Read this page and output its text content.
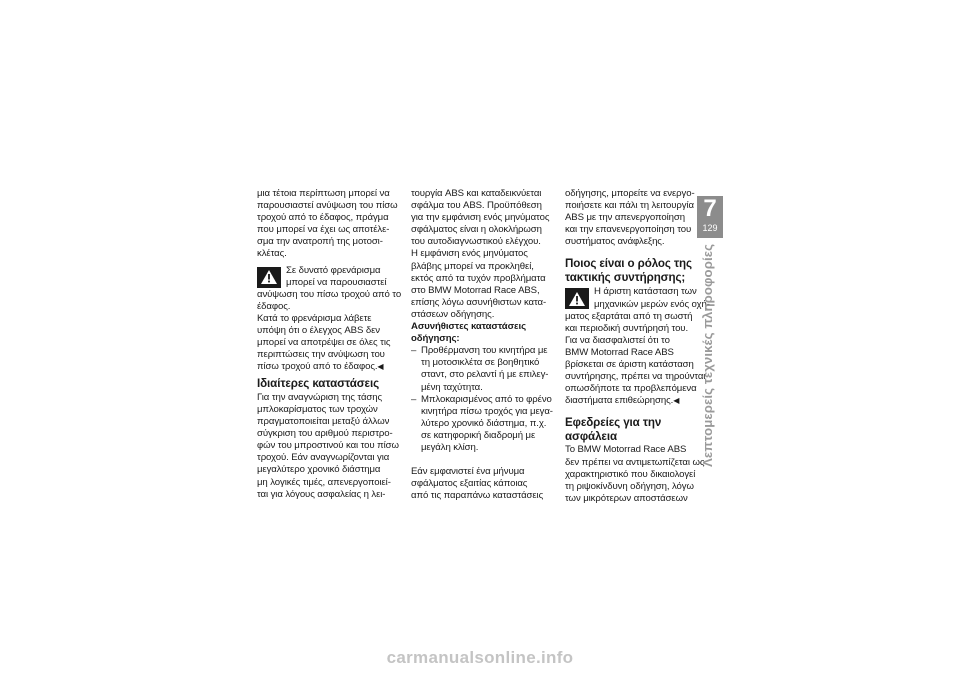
μια τέτοια περίπτωση μπορεί να
παρουσιαστεί ανύψωση του πίσω
τροχού από το έδαφος, πράγμα
που μπορεί να έχει ως αποτέλε-
σμα την ανατροπή της μοτοσι-
κλέτας.

Σε δυνατό φρενάρισμα
μπορεί να παρουσιαστεί
ανύψωση του πίσω τροχού από το
έδαφος.

Κατά το φρενάρισμα λάβετε
υπόψη ότι ο έλεγχος ABS δεν
μπορεί να αποτρέψει σε όλες τις
περιπτώσεις την ανύψωση του
πίσω τροχού από το έδαφος.◀

Ιδιαίτερες καταστάσεις

Για την αναγνώριση της τάσης
μπλοκαρίσματος των τροχών
πραγματοποιείται μεταξύ άλλων
σύγκριση του αριθμού περιστρο-
φών του μπροστινού και του πίσω
τροχού. Εάν αναγνωρίζονται για
μεγαλύτερο χρονικό διάστημα
μη λογικές τιμές, απενεργοποιεί-
ται για λόγους ασφαλείας η λει-

τουργία ABS και καταδεικνύεται
σφάλμα του ABS. Προϋπόθεση
για την εμφάνιση ενός μηνύματος
σφάλματος είναι η ολοκλήρωση
του αυτοδιαγνωστικού ελέγχου.

Η εμφάνιση ενός μηνύματος
βλάβης μπορεί να προκληθεί,
εκτός από τα τυχόν προβλήματα
στο BMW Motorrad Race ABS,
επίσης λόγω ασυνήθιστων κατα-
στάσεων οδήγησης.

Ασυνήθιστες καταστάσεις
οδήγησης:
– Προθέρμανση του κινητήρα με
τη μοτοσικλέτα σε βοηθητικό
σταντ, στο ρελαντί ή με επιλεγ-
μένη ταχύτητα.
– Μπλοκαρισμένος από το φρένο
κινητήρα πίσω τροχός για μεγα-
λύτερο χρονικό διάστημα, π.χ.
σε κατηφορική διαδρομή με
μεγάλη κλίση.

Εάν εμφανιστεί ένα μήνυμα
σφάλματος εξαιτίας κάποιας
από τις παραπάνω καταστάσεις

οδήγησης, μπορείτε να ενεργο-
ποιήσετε και πάλι τη λειτουργία
ABS με την απενεργοποίηση
και την επανενεργοποίηση του
συστήματος ανάφλεξης.

Ποιος είναι ο ρόλος της
τακτικής συντήρησης;

Η άριστη κατάσταση των
μηχανικών μερών ενός οχή-
ματος εξαρτάται από τη σωστή
και περιοδική συντήρησή του.

Για να διασφαλιστεί ότι το
BMW Motorrad Race ABS
βρίσκεται σε άριστη κατάσταση
συντήρησης, πρέπει να τηρούνται
οπωσδήποτε τα προβλεπόμενα
διαστήματα επιθεώρησης.◀

Εφεδρείες για την
ασφάλεια

Το BMW Motorrad Race ABS
δεν πρέπει να αντιμετωπίζεται ως
χαρακτηριστικό που δικαιολογεί
τη ριψοκίνδυνη οδήγηση, λόγω
των μικρότερων αποστάσεων

7
129
Λεπτομερείς τεχνικές πληροφορίες
carmanualsonline.info
